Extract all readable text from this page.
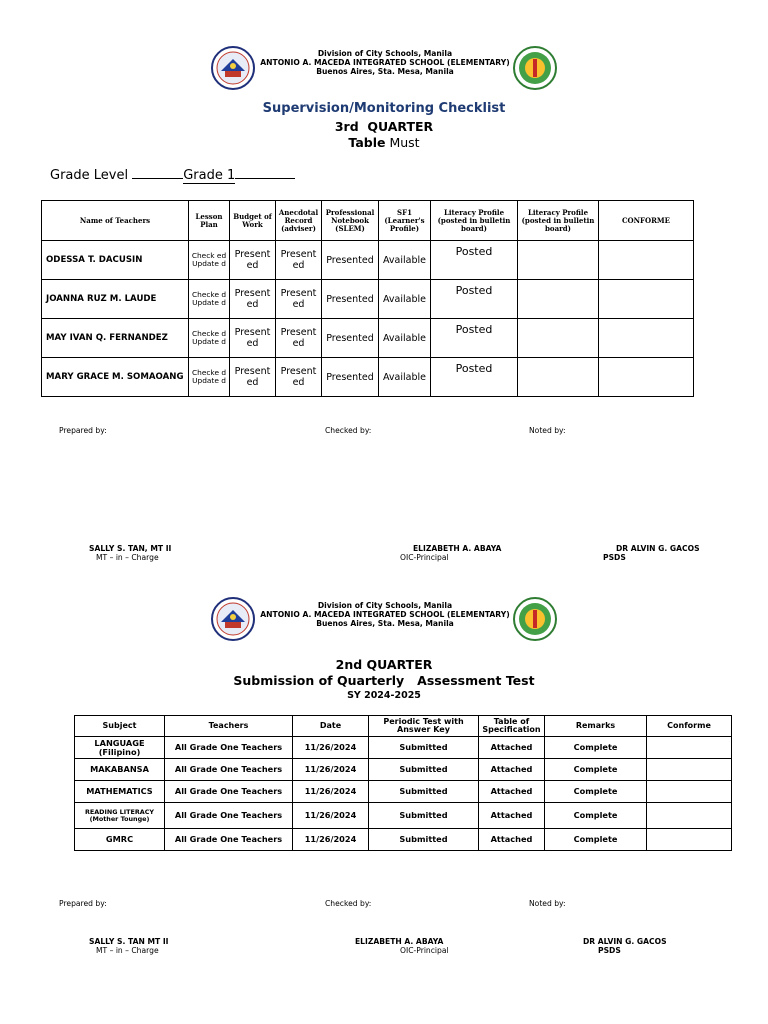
Division of City Schools, Manila
ANTONIO A. MACEDA INTEGRATED SCHOOL (ELEMENTARY)
Buenos Aires, Sta. Mesa, Manila
Supervision/Monitoring Checklist
3rd  QUARTER
Table Must
Grade Level	Grade 1
Name of Teachers	Lesson Plan	Budget of Work	Anecdotal Record (adviser)	Professional Notebook (SLEM)	SF1 (Learner's Profile)	Literacy Profile (posted in bulletin board)	Literacy Profile (posted in bulletin board)	CONFORME
ODESSA T. DACUSIN	Check ed Update d	Present ed	Present ed	Presented	Available	Posted		
JOANNA RUZ M. LAUDE	Checke d Update d	Present ed	Present ed	Presented	Available	Posted		
MAY IVAN Q. FERNANDEZ	Checke d Update d	Present ed	Present ed	Presented	Available	Posted		
MARY GRACE M. SOMAOANG	Checke d Update d	Present ed	Present ed	Presented	Available	Posted		
Prepared by:	Checked by:	Noted by:
SALLY S. TAN, MT II
MT – in – Charge
ELIZABETH A. ABAYA
OIC-Principal
DR ALVIN G. GACOS
PSDS
Division of City Schools, Manila
ANTONIO A. MACEDA INTEGRATED SCHOOL (ELEMENTARY)
Buenos Aires, Sta. Mesa, Manila
2nd QUARTER
Submission of Quarterly   Assessment Test
SY 2024-2025
Subject	Teachers	Date	Periodic Test with Answer Key	Table of Specification	Remarks	Conforme
LANGUAGE (Filipino)	All Grade One Teachers	11/26/2024	Submitted	Attached	Complete	
MAKABANSA	All Grade One Teachers	11/26/2024	Submitted	Attached	Complete	
MATHEMATICS	All Grade One Teachers	11/26/2024	Submitted	Attached	Complete	
READING LITERACY (Mother Tounge)	All Grade One Teachers	11/26/2024	Submitted	Attached	Complete	
GMRC	All Grade One Teachers	11/26/2024	Submitted	Attached	Complete	
Prepared by:	Checked by:	Noted by:
SALLY S. TAN MT II
MT – in – Charge
ELIZABETH A. ABAYA
OIC-Principal
DR ALVIN G. GACOS
PSDS
